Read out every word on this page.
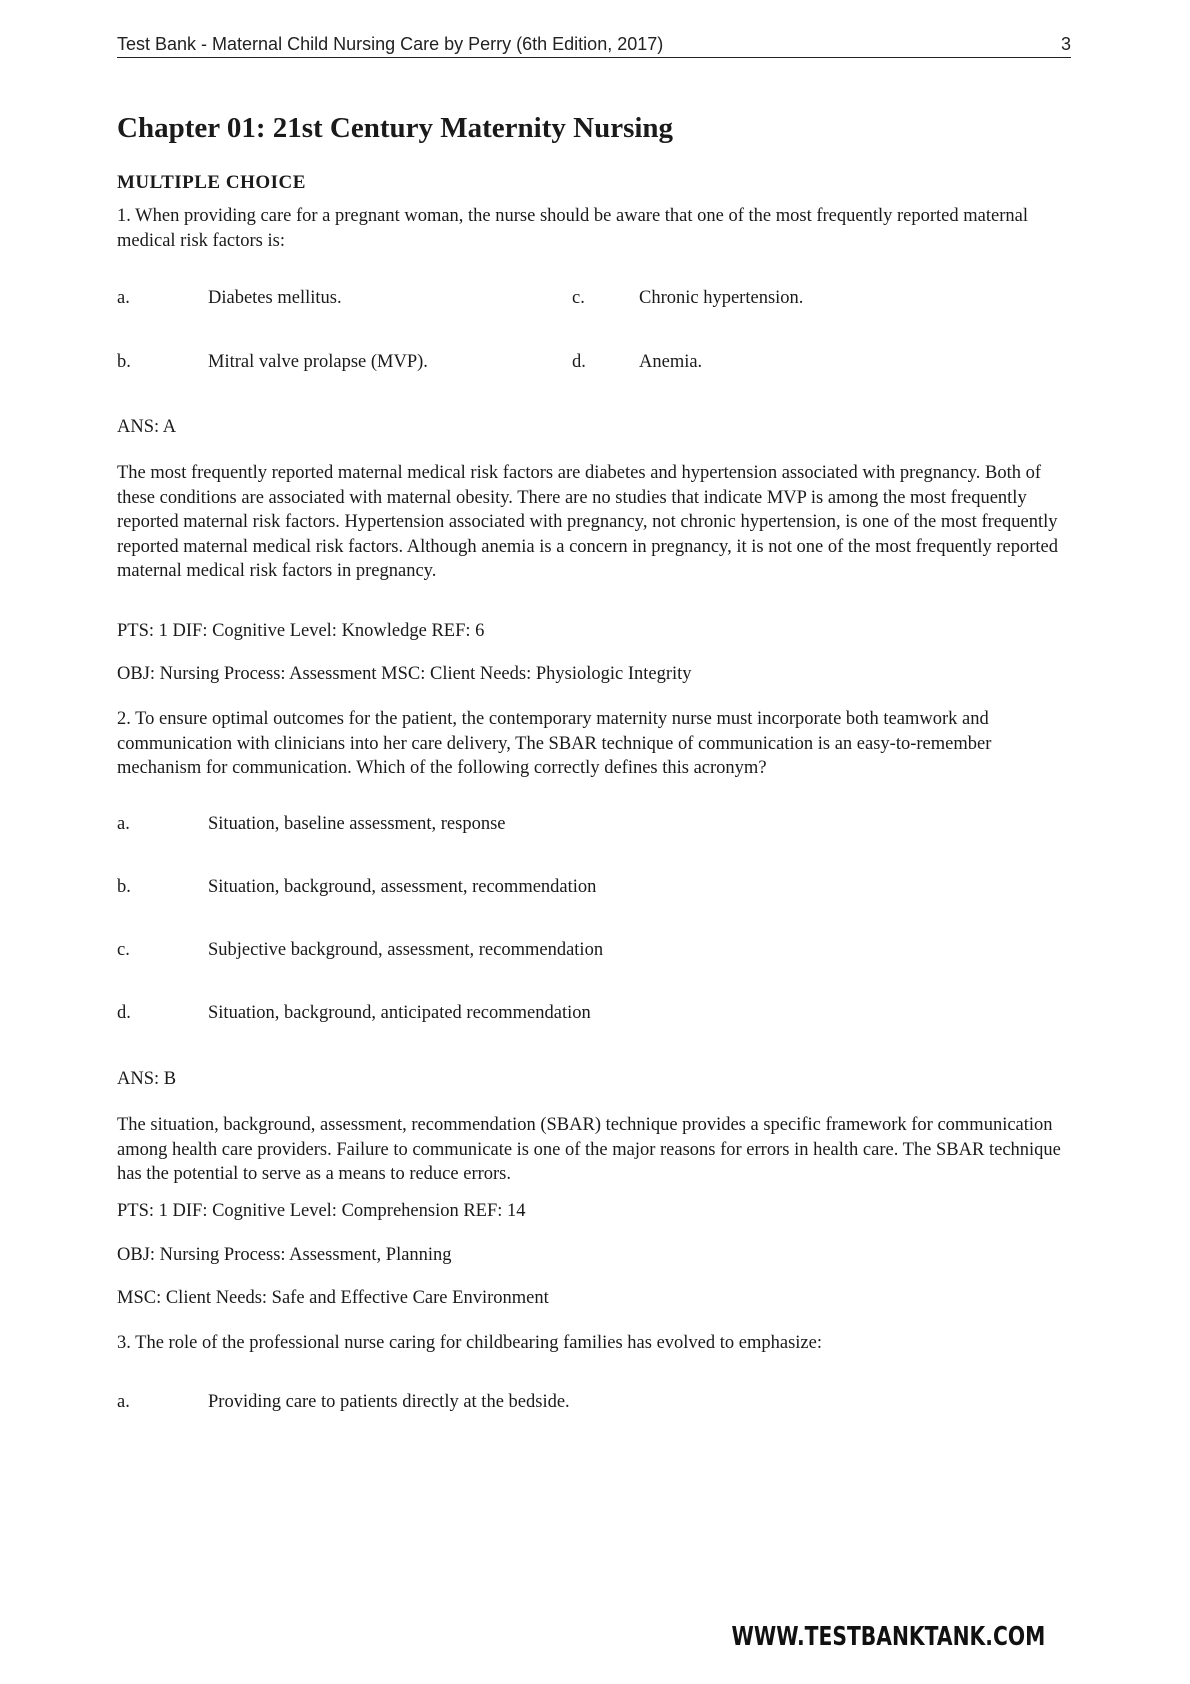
Test Bank - Maternal Child Nursing Care by Perry (6th Edition, 2017)	3
Chapter 01: 21st Century Maternity Nursing
MULTIPLE CHOICE
1. When providing care for a pregnant woman, the nurse should be aware that one of the most frequently reported maternal medical risk factors is:
a.	Diabetes mellitus.	c.	Chronic hypertension.
b.	Mitral valve prolapse (MVP).	d.	Anemia.
ANS: A
The most frequently reported maternal medical risk factors are diabetes and hypertension associated with pregnancy. Both of these conditions are associated with maternal obesity. There are no studies that indicate MVP is among the most frequently reported maternal risk factors. Hypertension associated with pregnancy, not chronic hypertension, is one of the most frequently reported maternal medical risk factors. Although anemia is a concern in pregnancy, it is not one of the most frequently reported maternal medical risk factors in pregnancy.
PTS: 1 DIF: Cognitive Level: Knowledge REF: 6
OBJ: Nursing Process: Assessment MSC: Client Needs: Physiologic Integrity
2. To ensure optimal outcomes for the patient, the contemporary maternity nurse must incorporate both teamwork and communication with clinicians into her care delivery, The SBAR technique of communication is an easy-to-remember mechanism for communication. Which of the following correctly defines this acronym?
a.	Situation, baseline assessment, response
b.	Situation, background, assessment, recommendation
c.	Subjective background, assessment, recommendation
d.	Situation, background, anticipated recommendation
ANS: B
The situation, background, assessment, recommendation (SBAR) technique provides a specific framework for communication among health care providers. Failure to communicate is one of the major reasons for errors in health care. The SBAR technique has the potential to serve as a means to reduce errors.
PTS: 1 DIF: Cognitive Level: Comprehension REF: 14
OBJ: Nursing Process: Assessment, Planning
MSC: Client Needs: Safe and Effective Care Environment
3. The role of the professional nurse caring for childbearing families has evolved to emphasize:
a.	Providing care to patients directly at the bedside.
WWW.TESTBANKTANK.COM
